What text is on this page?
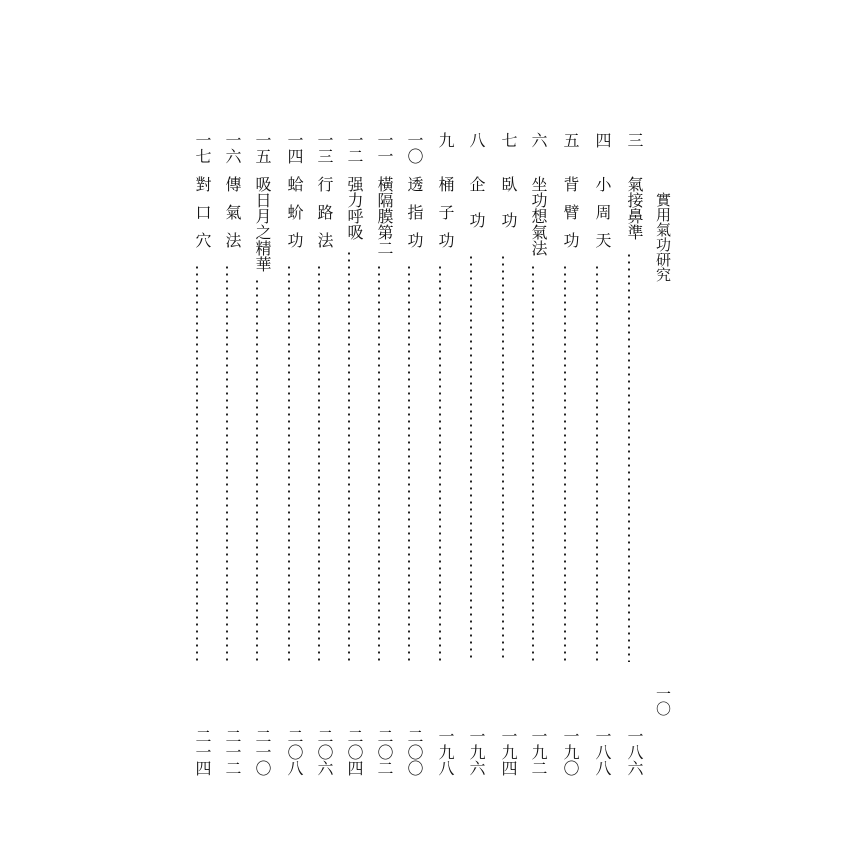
實用氣功研究
一〇
三
氣接鼻準
一八六
四
小周天
一八八
五
背臂功
一九〇
六
坐功想氣法
一九二
七
臥　功
一九四
八
企　功
一九六
九
桶子功
一九八
一〇
透指功
二〇〇
一一
橫隔膜第二
二〇二
一二
强力呼吸
二〇四
一三
行路法
二〇六
一四
蛤蚧功
二〇八
一五
吸日月之精華
二一〇
一六
傳氣法
二一二
一七
對口穴
二一四
